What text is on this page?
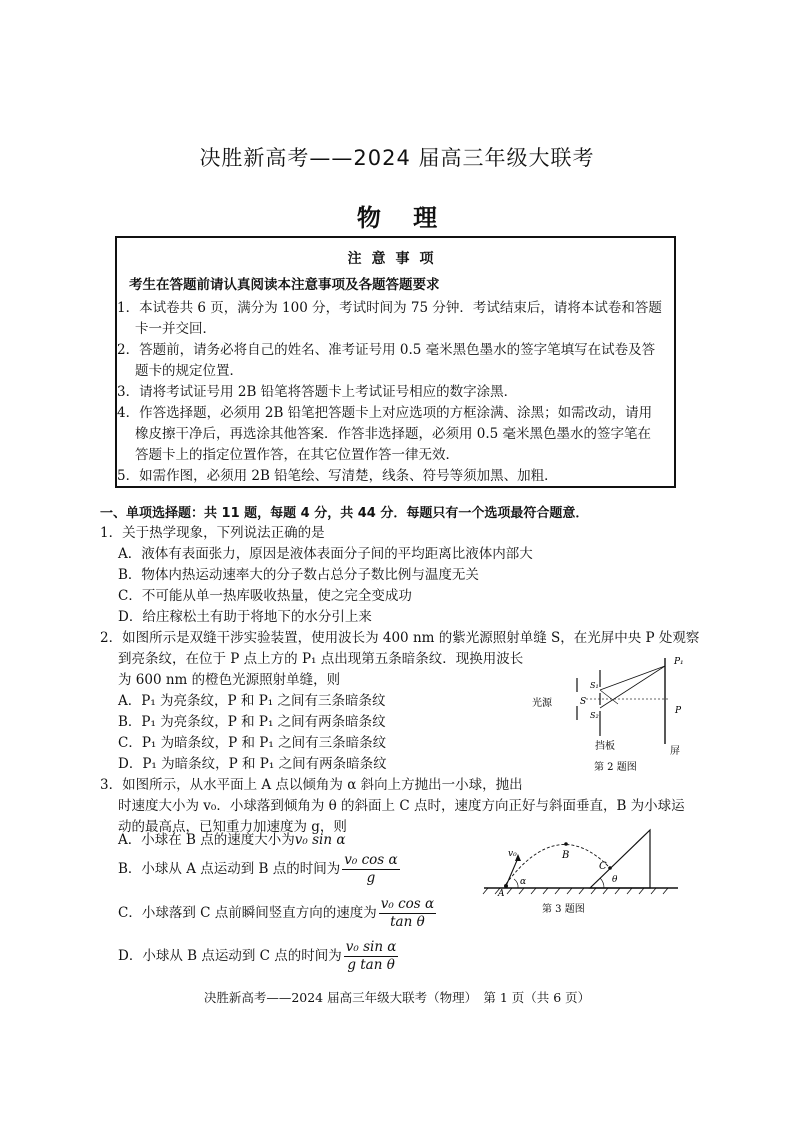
决胜新高考——2024 届高三年级大联考
物 理
注意事项
考生在答题前请认真阅读本注意事项及各题答题要求
1．本试卷共 6 页，满分为 100 分，考试时间为 75 分钟．考试结束后，请将本试卷和答题
卡一并交回．
2．答题前，请务必将自己的姓名、准考证号用 0.5 毫米黑色墨水的签字笔填写在试卷及答
题卡的规定位置．
3．请将考试证号用 2B 铅笔将答题卡上考试证号相应的数字涂黑．
4．作答选择题，必须用 2B 铅笔把答题卡上对应选项的方框涂满、涂黑；如需改动，请用
橡皮擦干净后，再选涂其他答案．作答非选择题，必须用 0.5 毫米黑色墨水的签字笔在
答题卡上的指定位置作答，在其它位置作答一律无效．
5．如需作图，必须用 2B 铅笔绘、写清楚，线条、符号等须加黑、加粗．
一、单项选择题：共 11 题，每题 4 分，共 44 分．每题只有一个选项最符合题意．
1．关于热学现象，下列说法正确的是
A．液体有表面张力，原因是液体表面分子间的平均距离比液体内部大
B．物体内热运动速率大的分子数占总分子数比例与温度无关
C．不可能从单一热库吸收热量，使之完全变成功
D．给庄稼松土有助于将地下的水分引上来
2．如图所示是双缝干涉实验装置，使用波长为 400 nm 的紫光源照射单缝 S，在光屏中央 P 处观察
到亮条纹，在位于 P 点上方的 P₁ 点出现第五条暗条纹．现换用波长
为 600 nm 的橙色光源照射单缝，则
A．P₁ 为亮条纹，P 和 P₁ 之间有三条暗条纹
B．P₁ 为亮条纹，P 和 P₁ 之间有两条暗条纹
C．P₁ 为暗条纹，P 和 P₁ 之间有三条暗条纹
D．P₁ 为暗条纹，P 和 P₁ 之间有两条暗条纹
光源	S
S₁
S₂
P₁
P
挡板	屏
第 2 题图
3．如图所示，从水平面上 A 点以倾角为 α 斜向上方抛出一小球，抛出
时速度大小为 v₀．小球落到倾角为 θ 的斜面上 C 点时，速度方向正好与斜面垂直，B 为小球运
动的最高点，已知重力加速度为 g，则
A．小球在 B 点的速度大小为v₀ sin α
B．小球从 A 点运动到 B 点的时间为 $\frac{\text{v₀ cos α}}{g}$
C．小球落到 C 点前瞬间竖直方向的速度为 $\frac{\text{v₀ cos α}}{\text{tan θ}}$
D．小球从 B 点运动到 C 点的时间为 $\frac{\text{v₀ sin α}}{\text{g tan θ}}$
v₀
A
α
B
C
θ
第 3 题图
决胜新高考——2024 届高三年级大联考（物理）　第 1 页（共 6 页）
